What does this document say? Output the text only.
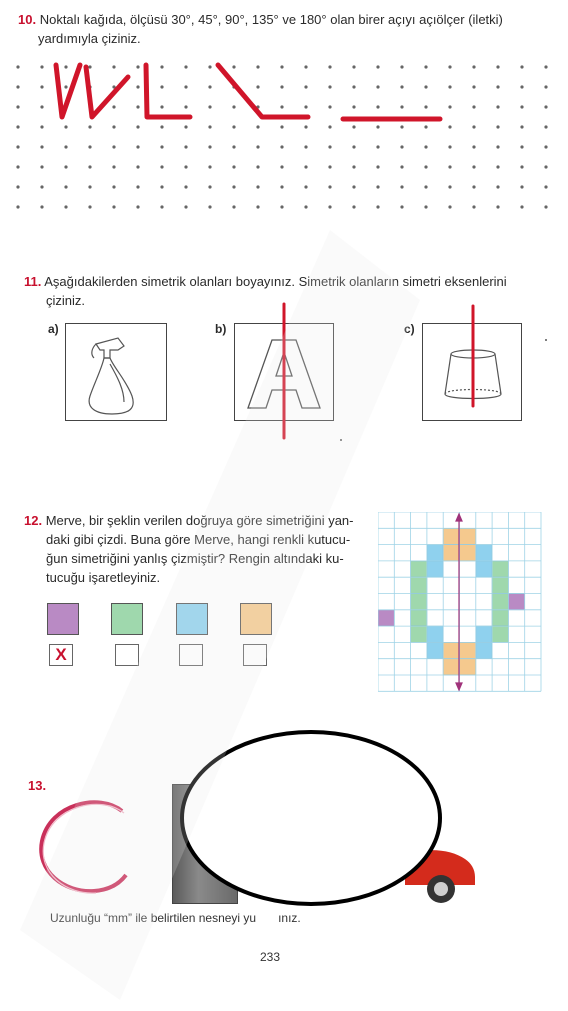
10. Noktalı kağıda, ölçüsü 30°, 45°, 90°, 135° ve 180° olan birer açıyı açıölçer (iletki)
yardımıyla çiziniz.
11. Aşağıdakilerden simetrik olanları boyayınız. Simetrik olanların simetri eksenlerini
çiziniz.
a)	b)	c)
12. Merve, bir şeklin verilen doğruya göre simetriğini yan-
daki gibi çizdi. Buna göre Merve, hangi renkli kutucu-
ğun simetriğini yanlış çizmiştir? Rengin altındaki ku-
tucuğu işaretleyiniz.
X
13.
Uzunluğu “mm” ile belirtilen nesneyi yu ınız.
233
